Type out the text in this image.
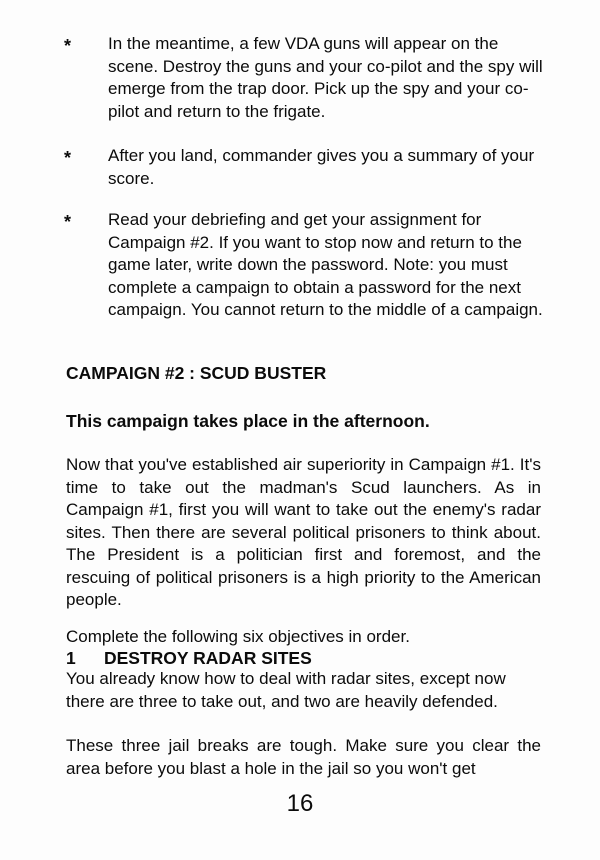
* In the meantime, a few VDA guns will appear on the scene. Destroy the guns and your co-pilot and the spy will emerge from the trap door. Pick up the spy and your co-pilot and return to the frigate.
* After you land, commander gives you a summary of your score.
* Read your debriefing and get your assignment for Campaign #2. If you want to stop now and return to the game later, write down the password. Note: you must complete a campaign to obtain a password for the next campaign. You cannot return to the middle of a campaign.
CAMPAIGN #2 : SCUD BUSTER
This campaign takes place in the afternoon.
Now that you've established air superiority in Campaign #1. It's time to take out the madman's Scud launchers. As in Campaign #1, first you will want to take out the enemy's radar sites. Then there are several political prisoners to think about. The President is a politician first and foremost, and the rescuing of political prisoners is a high priority to the American people.
Complete the following six objectives in order.
1 DESTROY RADAR SITES
You already know how to deal with radar sites, except now there are three to take out, and two are heavily defended.
These three jail breaks are tough. Make sure you clear the area before you blast a hole in the jail so you won't get
16
